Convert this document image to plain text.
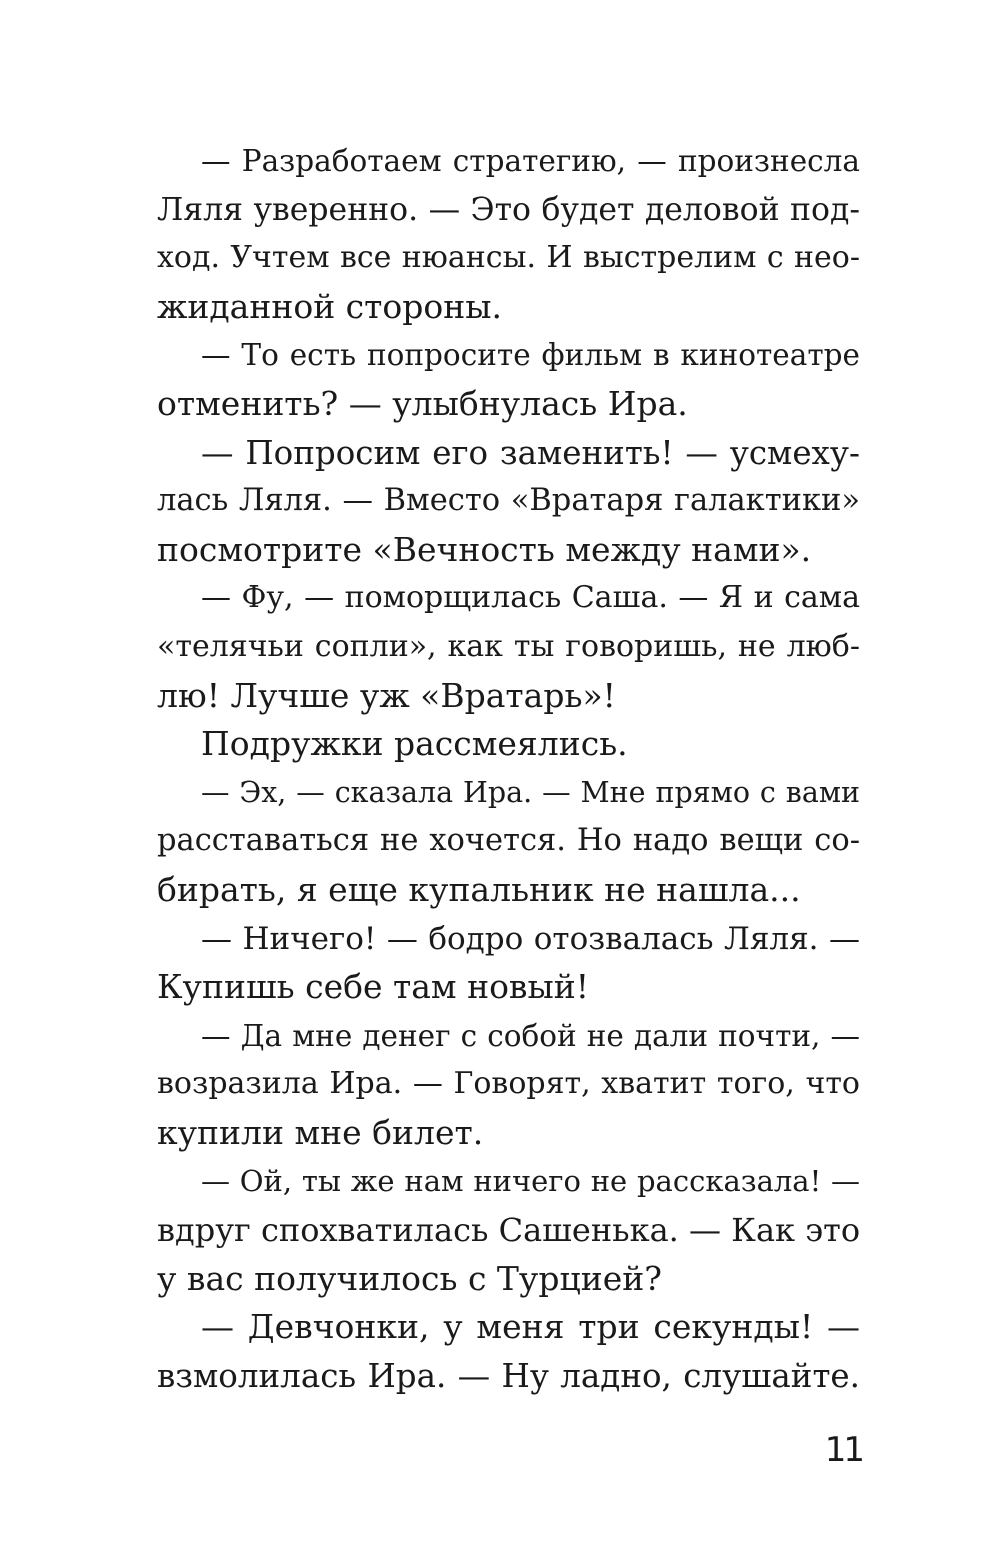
— Разработаем стратегию, — произнесла
Ляля уверенно. — Это будет деловой под-
ход. Учтем все нюансы. И выстрелим с нео-
жиданной стороны.
— То есть попросите фильм в кинотеатре
отменить? — улыбнулась Ира.
— Попросим его заменить! — усмеху-
лась Ляля. — Вместо «Вратаря галактики»
посмотрите «Вечность между нами».
— Фу, — поморщилась Саша. — Я и сама
«телячьи сопли», как ты говоришь, не люб-
лю! Лучше уж «Вратарь»!
Подружки рассмеялись.
— Эх, — сказала Ира. — Мне прямо с вами
расставаться не хочется. Но надо вещи со-
бирать, я еще купальник не нашла...
— Ничего! — бодро отозвалась Ляля. —
Купишь себе там новый!
— Да мне денег с собой не дали почти, —
возразила Ира. — Говорят, хватит того, что
купили мне билет.
— Ой, ты же нам ничего не рассказала! —
вдруг спохватилась Сашенька. — Как это
у вас получилось с Турцией?
— Девчонки, у меня три секунды! —
взмолилась Ира. — Ну ладно, слушайте.
11
